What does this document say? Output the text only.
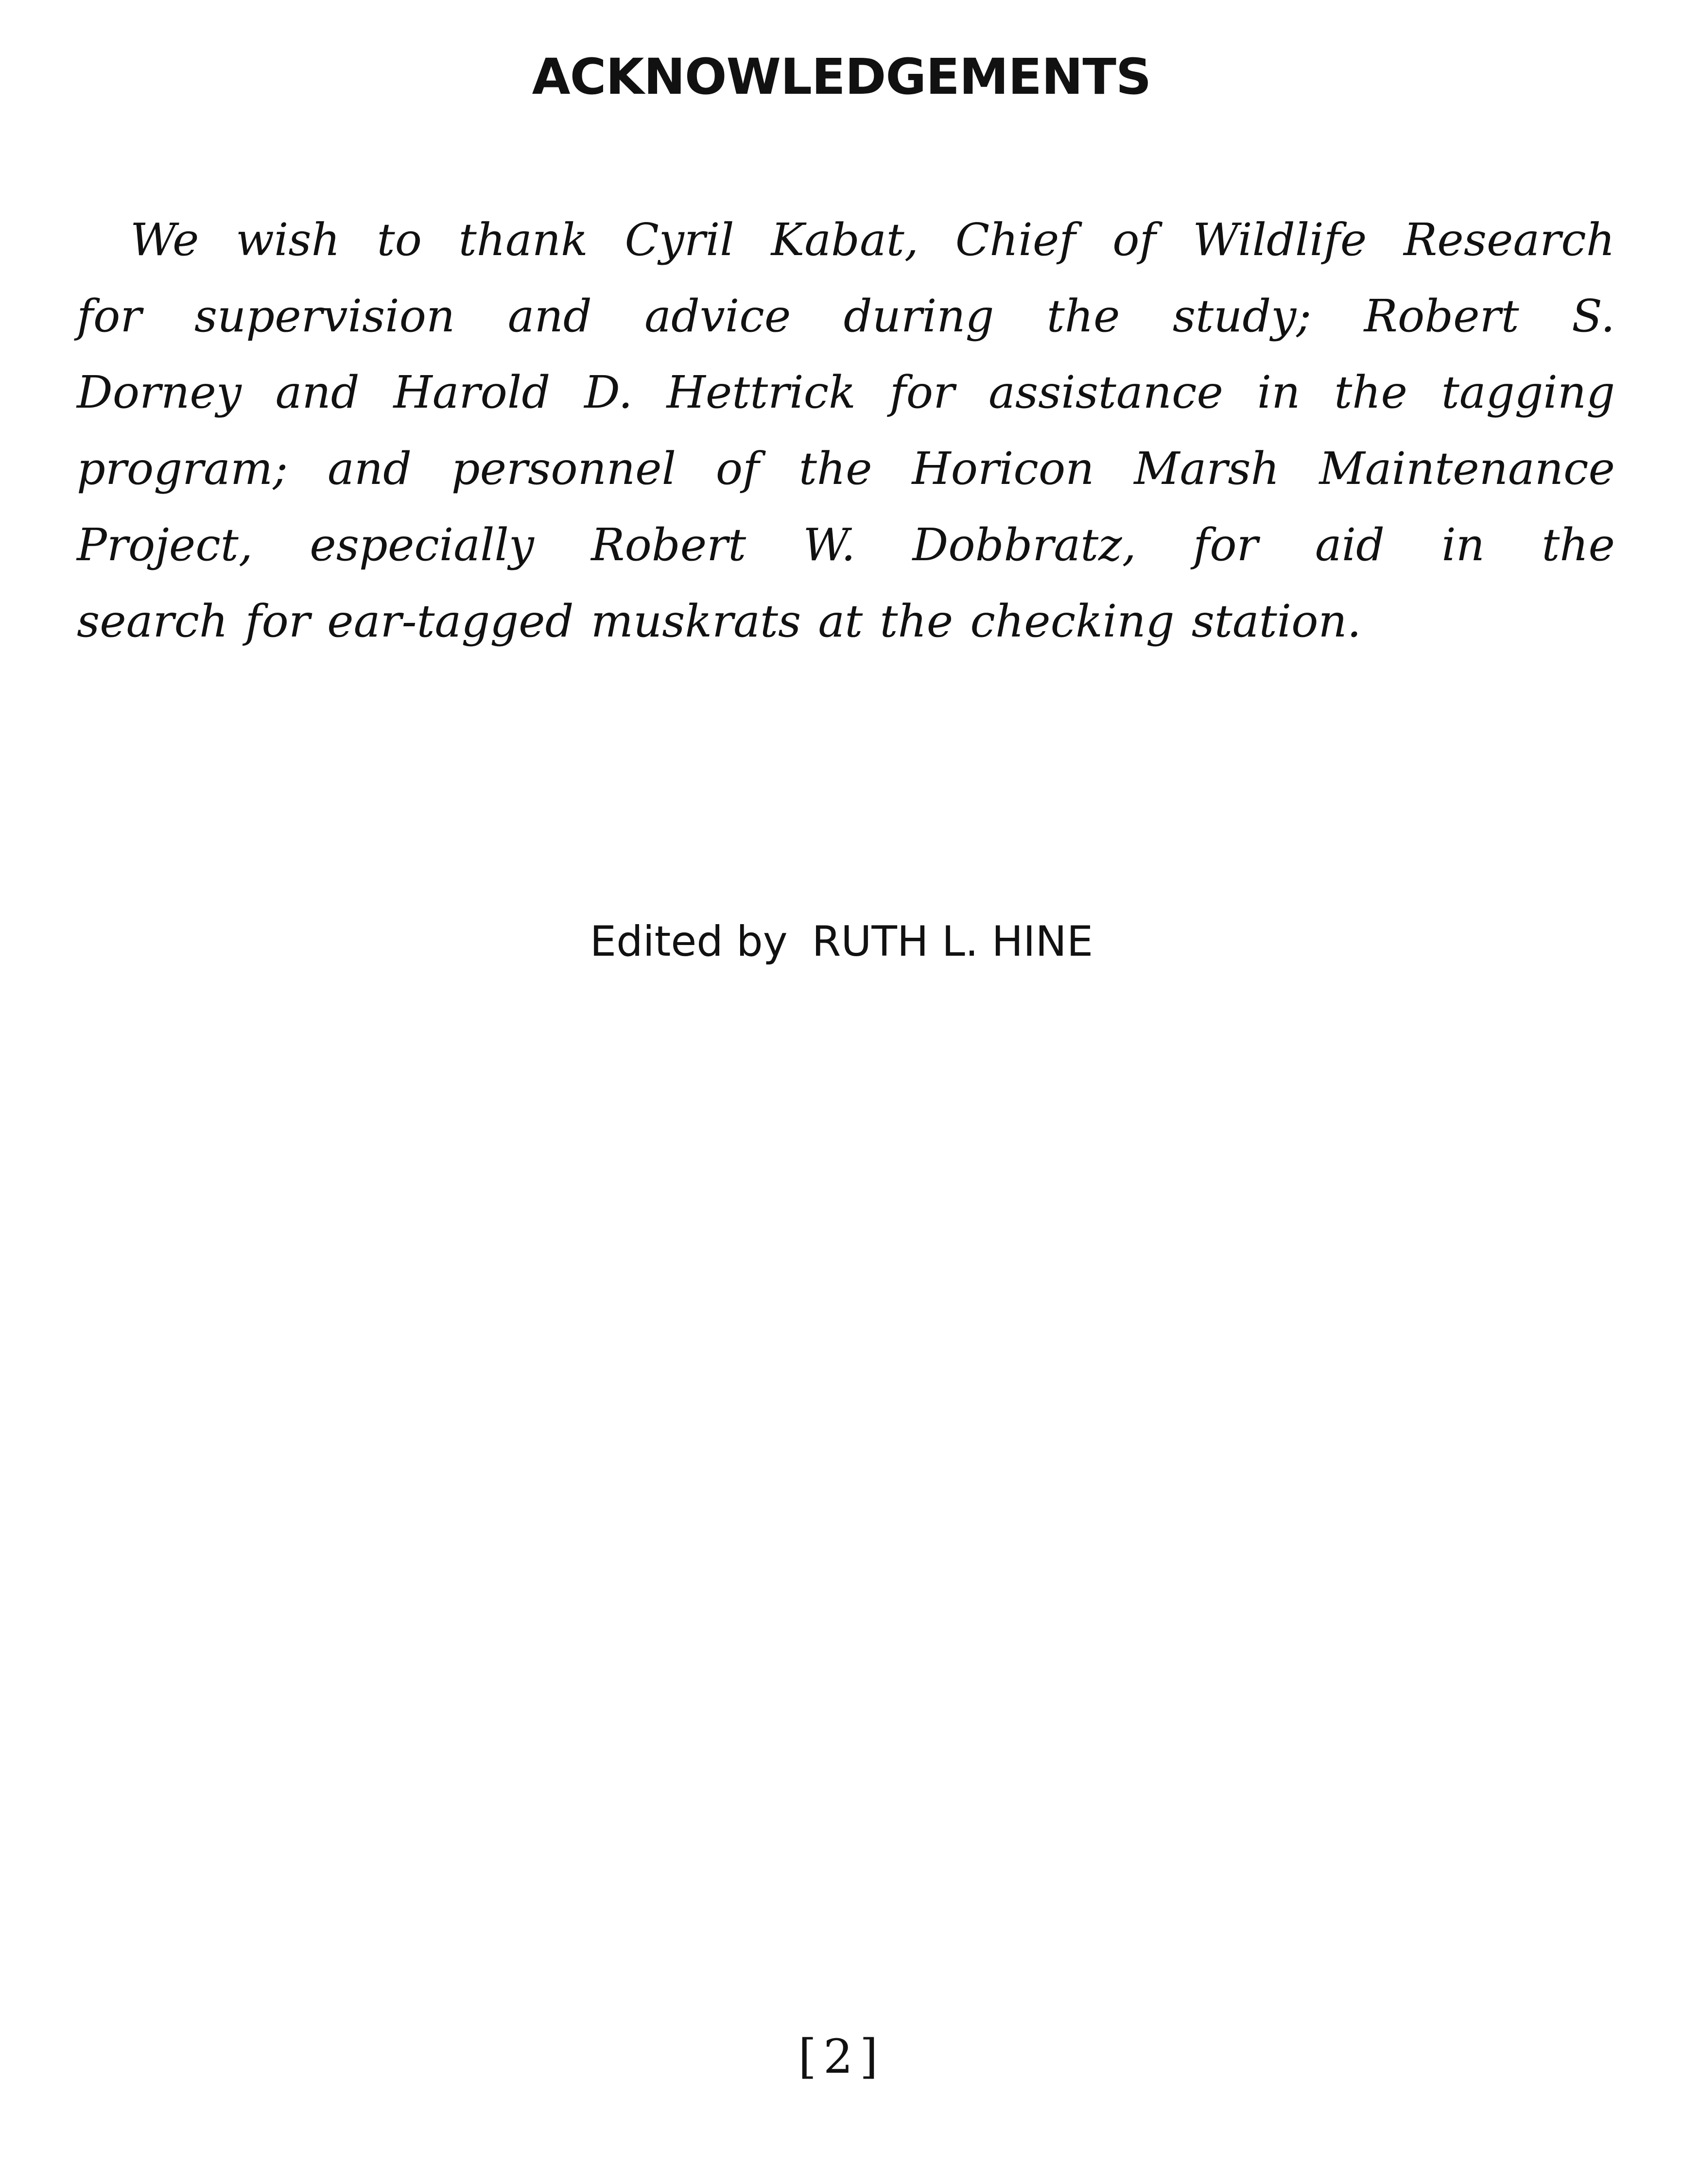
ACKNOWLEDGEMENTS

We wish to thank Cyril Kabat, Chief of Wildlife Research
for supervision and advice during the study; Robert S.
Dorney and Harold D. Hettrick for assistance in the tagging
program; and personnel of the Horicon Marsh Maintenance
Project, especially Robert W. Dobbratz, for aid in the
search for ear-tagged muskrats at the checking station.

Edited by RUTH L. HINE

[2]
